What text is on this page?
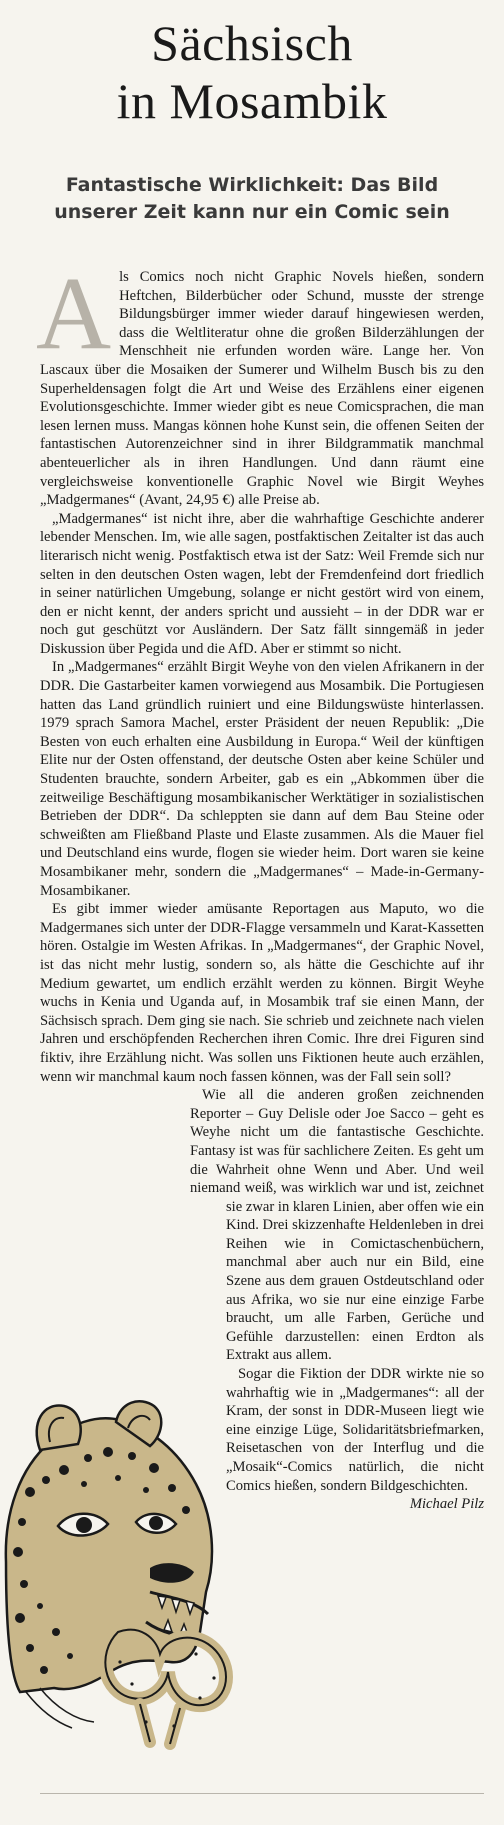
Sächsisch
in Mosambik
Fantastische Wirklichkeit: Das Bild
unserer Zeit kann nur ein Comic sein
A ls Comics noch nicht Graphic Novels hießen, sondern Heftchen, Bilderbücher oder Schund, musste der strenge Bildungsbürger immer wieder darauf hingewiesen werden, dass die Weltliteratur ohne die großen Bilderzählungen der Menschheit nie erfunden worden wäre. Lange her. Von Lascaux über die Mosaiken der Sumerer und Wilhelm Busch bis zu den Superheldensagen folgt die Art und Weise des Erzählens einer eigenen Evolutionsgeschichte. Immer wieder gibt es neue Comicsprachen, die man lesen lernen muss. Mangas können hohe Kunst sein, die offenen Seiten der fantastischen Autorenzeichner sind in ihrer Bildgrammatik manchmal abenteuerlicher als in ihren Handlungen. Und dann räumt eine vergleichsweise konventionelle Graphic Novel wie Birgit Weyhes „Madgermanes“ (Avant, 24,95 €) alle Preise ab.

„Madgermanes“ ist nicht ihre, aber die wahrhaftige Geschichte anderer lebender Menschen. Im, wie alle sagen, postfaktischen Zeitalter ist das auch literarisch nicht wenig. Postfaktisch etwa ist der Satz: Weil Fremde sich nur selten in den deutschen Osten wagen, lebt der Fremdenfeind dort friedlich in seiner natürlichen Umgebung, solange er nicht gestört wird von einem, den er nicht kennt, der anders spricht und aussieht – in der DDR war er noch gut geschützt vor Ausländern. Der Satz fällt sinngemäß in jeder Diskussion über Pegida und die AfD. Aber er stimmt so nicht.

In „Madgermanes“ erzählt Birgit Weyhe von den vielen Afrikanern in der DDR. Die Gastarbeiter kamen vorwiegend aus Mosambik. Die Portugiesen hatten das Land gründlich ruiniert und eine Bildungswüste hinterlassen. 1979 sprach Samora Machel, erster Präsident der neuen Republik: „Die Besten von euch erhalten eine Ausbildung in Europa.“ Weil der künftigen Elite nur der Osten offenstand, der deutsche Osten aber keine Schüler und Studenten brauchte, sondern Arbeiter, gab es ein „Abkommen über die zeitweilige Beschäftigung mosambikanischer Werktätiger in sozialistischen Betrieben der DDR“. Da schleppten sie dann auf dem Bau Steine oder schweißten am Fließband Plaste und Elaste zusammen. Als die Mauer fiel und Deutschland eins wurde, flogen sie wieder heim. Dort waren sie keine Mosambikaner mehr, sondern die „Madgermanes“ – Made-in-Germany-Mosambikaner.

Es gibt immer wieder amüsante Reportagen aus Maputo, wo die Madgermanes sich unter der DDR-Flagge versammeln und Karat-Kassetten hören. Ostalgie im Westen Afrikas. In „Madgermanes“, der Graphic Novel, ist das nicht mehr lustig, sondern so, als hätte die Geschichte auf ihr Medium gewartet, um endlich erzählt werden zu können. Birgit Weyhe wuchs in Kenia und Uganda auf, in Mosambik traf sie einen Mann, der Sächsisch sprach. Dem ging sie nach. Sie schrieb und zeichnete nach vielen Jahren und erschöpfenden Recherchen ihren Comic. Ihre drei Figuren sind fiktiv, ihre Erzählung nicht. Was sollen uns Fiktionen heute auch erzählen, wenn wir manchmal kaum noch fassen können, was der Fall sein soll?

Wie all die anderen großen zeichnenden Reporter – Guy Delisle oder Joe Sacco – geht es Weyhe nicht um die fantastische Geschichte. Fantasy ist was für sachlichere Zeiten. Es geht um die Wahrheit ohne Wenn und Aber. Und weil niemand weiß, was wirklich war und ist, zeichnet sie zwar in klaren Linien, aber offen wie ein Kind. Drei skizzenhafte Heldenleben in drei Reihen wie in Comictaschenbüchern, manchmal aber auch nur ein Bild, eine Szene aus dem grauen Ostdeutschland oder aus Afrika, wo sie nur eine einzige Farbe braucht, um alle Farben, Gerüche und Gefühle darzustellen: einen Erdton als Extrakt aus allem.

Sogar die Fiktion der DDR wirkte nie so wahrhaftig wie in „Madgermanes“: all der Kram, der sonst in DDR-Museen liegt wie eine einzige Lüge, Solidaritätsbriefmarken, Reisetaschen von der Interflug und die „Mosaik“-Comics natürlich, die nicht Comics hießen, sondern Bildgeschichten.
Michael Pilz
